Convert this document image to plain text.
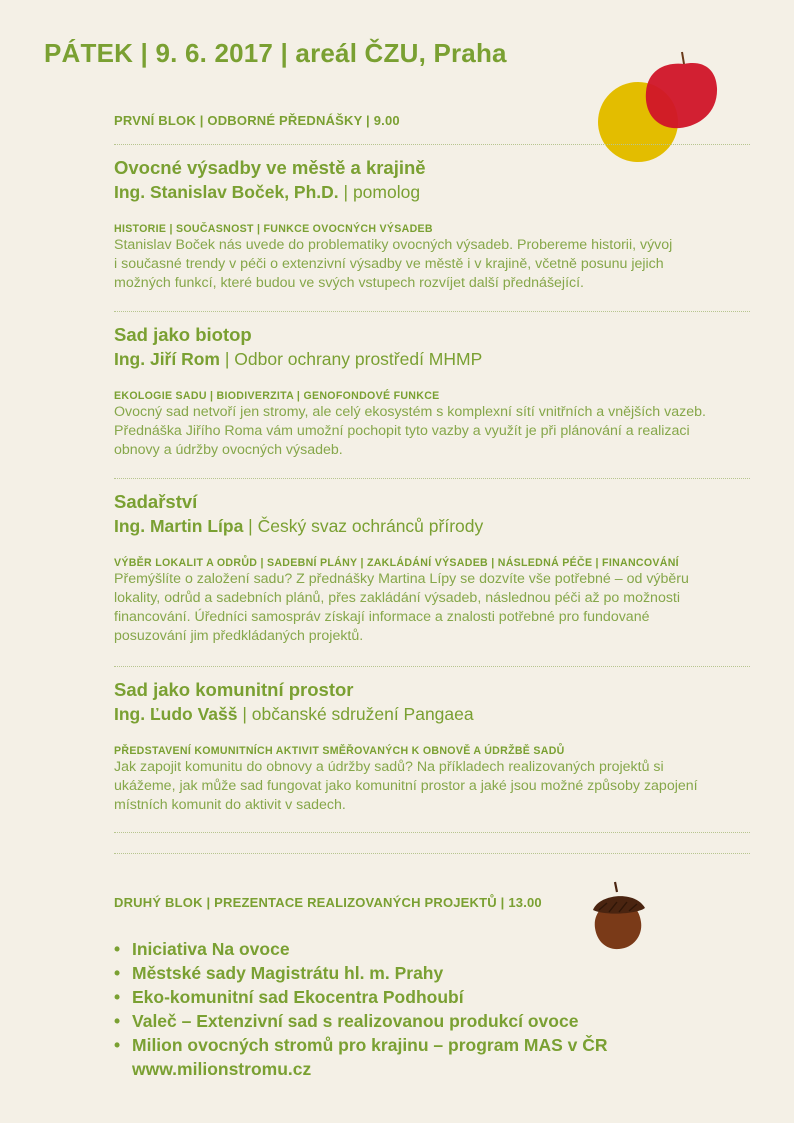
PÁTEK | 9. 6. 2017 | areál ČZU, Praha
PRVNÍ BLOK | ODBORNÉ PŘEDNÁŠKY | 9.00
Ovocné výsadby ve městě a krajině
Ing. Stanislav Boček, Ph.D. | pomolog
HISTORIE | SOUČASNOST | FUNKCE OVOCNÝCH VÝSADEB
Stanislav Boček nás uvede do problematiky ovocných výsadeb. Probereme historii, vývoj
i současné trendy v péči o extenzivní výsadby ve městě i v krajině, včetně posunu jejich
možných funkcí, které budou ve svých vstupech rozvíjet další přednášející.
Sad jako biotop
Ing. Jiří Rom | Odbor ochrany prostředí MHMP
EKOLOGIE SADU | BIODIVERZITA | GENOFONDOVÉ FUNKCE
Ovocný sad netvoří jen stromy, ale celý ekosystém s komplexní sítí vnitřních a vnějších vazeb.
Přednáška Jiřího Roma vám umožní pochopit tyto vazby a využít je při plánování a realizaci
obnovy a údržby ovocných výsadeb.
Sadařství
Ing. Martin Lípa | Český svaz ochránců přírody
VÝBĚR LOKALIT A ODRŮD | SADEBNÍ PLÁNY | ZAKLÁDÁNÍ VÝSADEB | NÁSLEDNÁ PÉČE | FINANCOVÁNÍ
Přemýšlíte o založení sadu? Z přednášky Martina Lípy se dozvíte vše potřebné – od výběru
lokality, odrůd a sadebních plánů, přes zakládání výsadeb, následnou péči až po možnosti
financování. Úředníci samospráv získají informace a znalosti potřebné pro fundované
posuzování jim předkládaných projektů.
Sad jako komunitní prostor
Ing. Ľudo Vašš | občanské sdružení Pangaea
PŘEDSTAVENÍ KOMUNITNÍCH AKTIVIT SMĚŘOVANÝCH K OBNOVĚ A ÚDRŽBĚ SADŮ
Jak zapojit komunitu do obnovy a údržby sadů? Na příkladech realizovaných projektů si
ukážeme, jak může sad fungovat jako komunitní prostor a jaké jsou možné způsoby zapojení
místních komunit do aktivit v sadech.
DRUHÝ BLOK | PREZENTACE REALIZOVANÝCH PROJEKTŮ | 13.00
• Iniciativa Na ovoce
• Městské sady Magistrátu hl. m. Prahy
• Eko-komunitní sad Ekocentra Podhoubí
• Valeč – Extenzivní sad s realizovanou produkcí ovoce
• Milion ovocných stromů pro krajinu – program MAS v ČR
www.milionstromu.cz
